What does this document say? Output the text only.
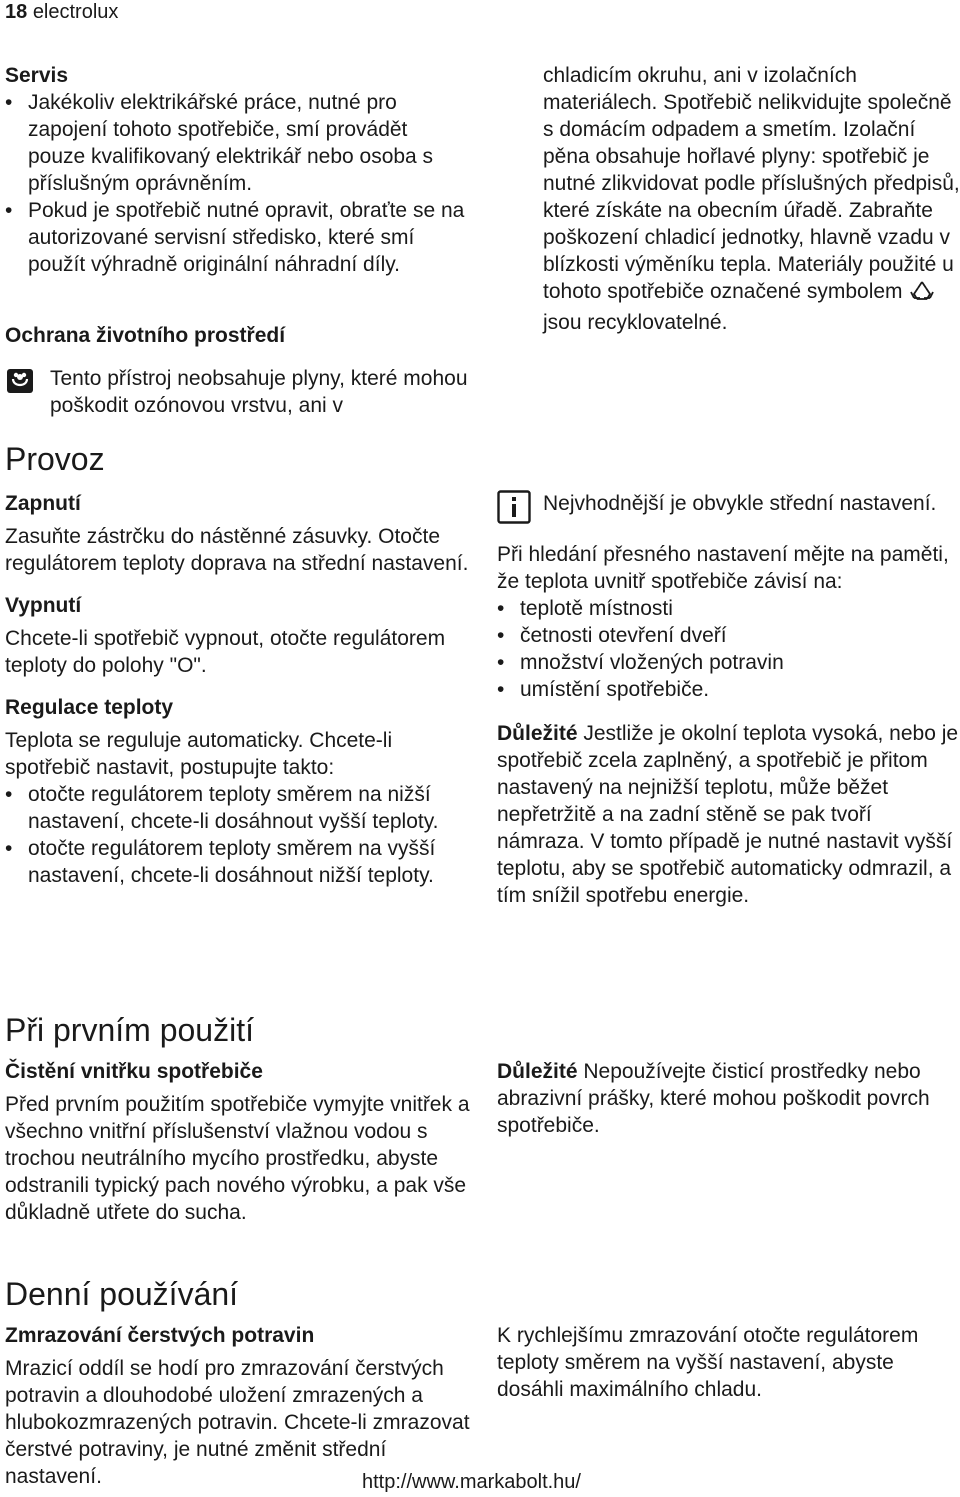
18 electrolux
Servis
• Jakékoliv elektrikářské práce, nutné pro zapojení tohoto spotřebiče, smí provádět pouze kvalifikovaný elektrikář nebo osoba s příslušným oprávněním.
• Pokud je spotřebič nutné opravit, obraťte se na autorizované servisní středisko, které smí použít výhradně originální náhradní díly.
Ochrana životního prostředí

Tento přístroj neobsahuje plyny, které mohou poškodit ozónovou vrstvu, ani v

chladicím okruhu, ani v izolačních materiálech. Spotřebič nelikvidujte společně s domácím odpadem a smetím. Izolační pěna obsahuje hořlavé plyny: spotřebič je nutné zlikvidovat podle příslušných předpisů, které získáte na obecním úřadě. Zabraňte poškození chladicí jednotky, hlavně vzadu v blízkosti výměníku tepla. Materiály použité u tohoto spotřebiče označené symbolem  jsou recyklovatelné.
Provoz
Zapnutí

Zasuňte zástrčku do nástěnné zásuvky. Otočte regulátorem teploty doprava na střední nastavení.

Vypnutí

Chcete-li spotřebič vypnout, otočte regulátorem teploty do polohy "O".

Regulace teploty

Teplota se reguluje automaticky. Chcete-li spotřebič nastavit, postupujte takto:

• otočte regulátorem teploty směrem na nižší nastavení, chcete-li dosáhnout vyšší teploty.
• otočte regulátorem teploty směrem na vyšší nastavení, chcete-li dosáhnout nižší teploty.

Nejvhodnější je obvykle střední nastavení.

Při hledání přesného nastavení mějte na paměti, že teplota uvnitř spotřebiče závisí na:

• teplotě místnosti
• četnosti otevření dveří
• množství vložených potravin
• umístění spotřebiče.

Důležité Jestliže je okolní teplota vysoká, nebo je spotřebič zcela zaplněný, a spotřebič je přitom nastavený na nejnižší teplotu, může běžet nepřetržitě a na zadní stěně se pak tvoří námraza. V tomto případě je nutné nastavit vyšší teplotu, aby se spotřebič automaticky odmrazil, a tím snížil spotřebu energie.

Při prvním použití
Čistění vnitřku spotřebiče

Před prvním použitím spotřebiče vymyjte vnitřek a všechno vnitřní příslušenství vlažnou vodou s trochou neutrálního mycího prostředku, abyste odstranili typický pach nového výrobku, a pak vše důkladně utřete do sucha.

Důležité Nepoužívejte čisticí prostředky nebo abrazivní prášky, které mohou poškodit povrch spotřebiče.

Denní používání
Zmrazování čerstvých potravin

Mrazicí oddíl se hodí pro zmrazování čerstvých potravin a dlouhodobé uložení zmrazených a hlubokozmrazených potravin. Chcete-li zmrazovat čerstvé potraviny, je nutné změnit střední nastavení.

K rychlejšímu zmrazování otočte regulátorem teploty směrem na vyšší nastavení, abyste dosáhli maximálního chladu.

http://www.markabolt.hu/
